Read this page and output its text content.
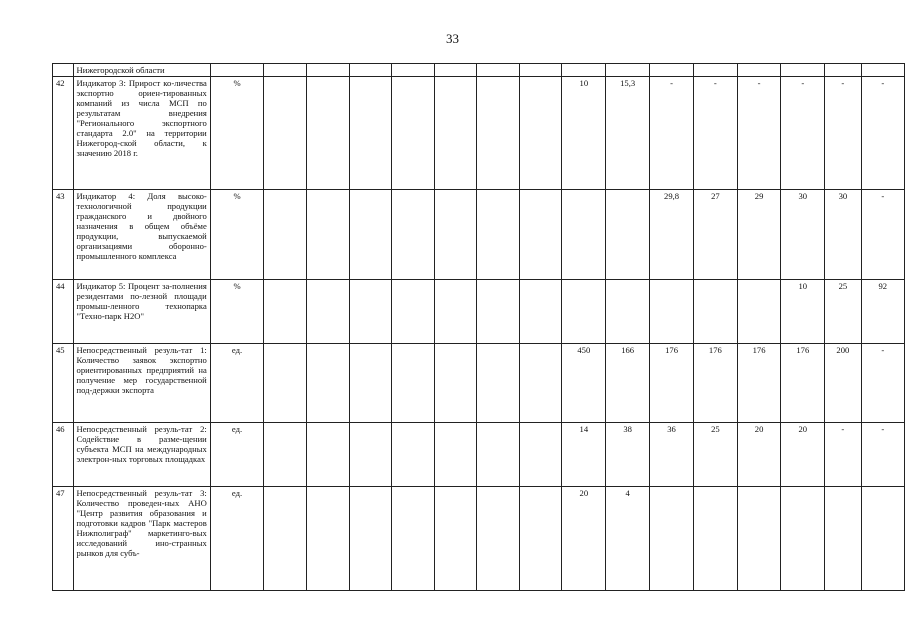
33
	Нижегородской области																
42	Индикатор 3: Прирост ко-личества экспортно ориен-тированных компаний из числа МСП по результатам внедрения "Регионального экспортного стандарта 2.0" на территории Нижегород-ской области, к значению 2018 г.	%								10	15,3	-	-	-	-	-	-
43	Индикатор 4: Доля высоко-технологичной продукции гражданского и двойного назначения в общем объёме продукции, выпускаемой организациями оборонно-промышленного комплекса	%										29,8	27	29	30	30	-
44	Индикатор 5: Процент за-полнения резидентами по-лезной площади промыш-ленного технопарка "Техно-парк Н2О"	%													10	25	92
45	Непосредственный резуль-тат 1: Количество заявок экспортно ориентированных предприятий на получение мер государственной под-держки экспорта	ед.								450	166	176	176	176	176	200	-
46	Непосредственный резуль-тат 2: Содействие в разме-щении субъекта МСП на международных электрон-ных торговых площадках	ед.								14	38	36	25	20	20	-	-
47	Непосредственный резуль-тат 3: Количество проведен-ных АНО "Центр развития образования и подготовки кадров "Парк мастеров Нижполиграф" маркетинго-вых исследований ино-странных рынков для субъ-	ед.								20	4						
